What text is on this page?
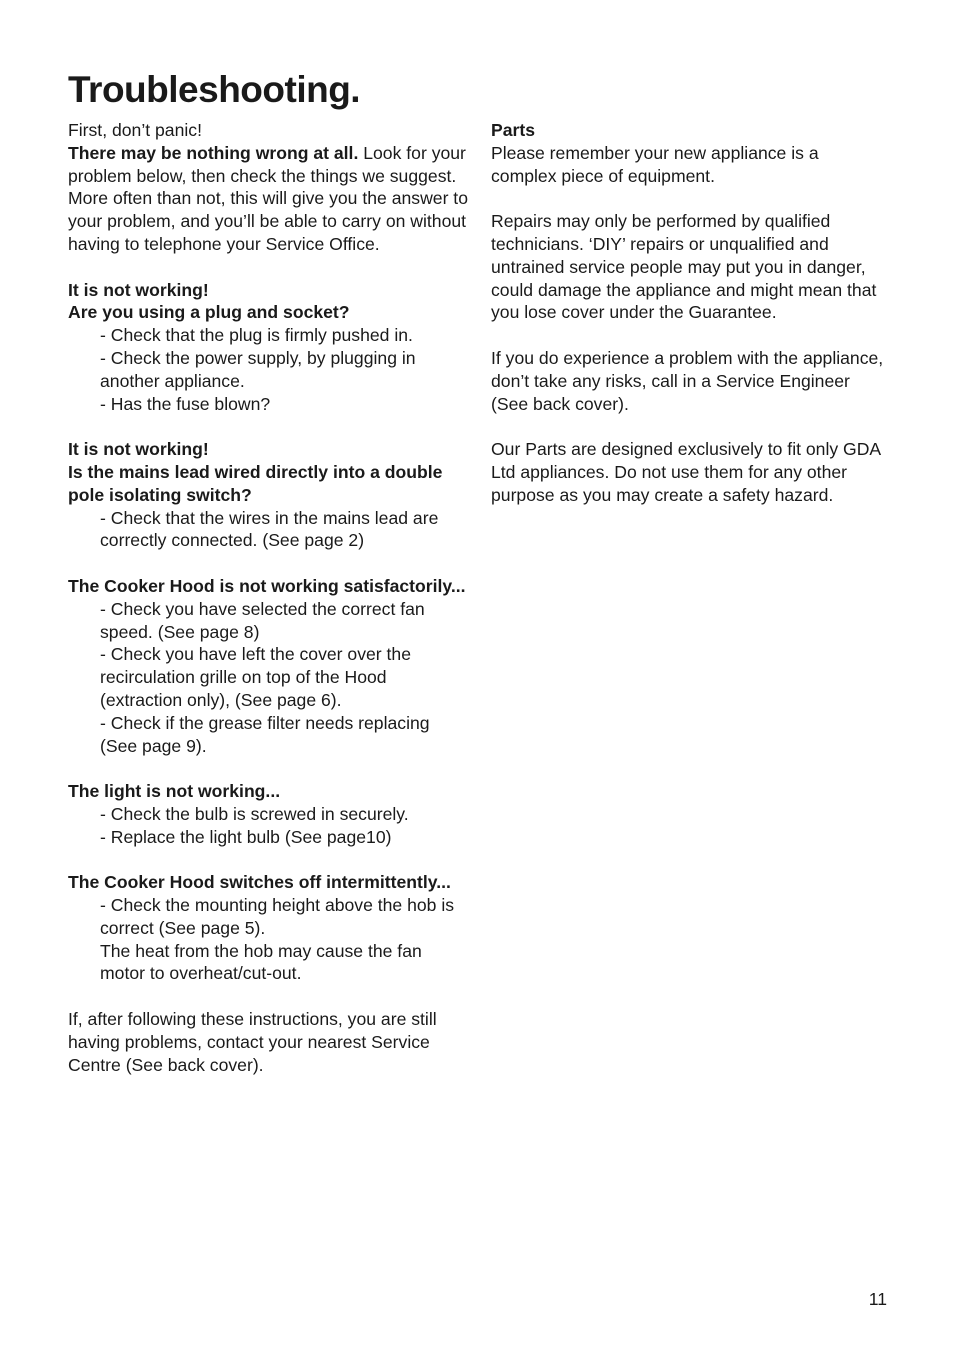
Troubleshooting.

First, don’t panic!

There may be nothing wrong at all. Look for your problem below, then check the things we suggest. More often than not, this will give you the answer to your problem, and you’ll be able to carry on without having to telephone your Service Office.

It is not working!

Are you using a plug and socket?

- Check that the plug is firmly pushed in.

- Check the power supply, by plugging in another appliance.

- Has the fuse blown?

It is not working!

Is the mains lead wired directly into a double pole isolating switch?

- Check that the wires in the mains lead are correctly connected. (See page 2)

The Cooker Hood is not working satisfactorily...

- Check you have selected the correct fan speed. (See page 8)

- Check you have left the cover over the recirculation grille on top of the Hood (extraction only), (See page 6).

- Check if the grease filter needs replacing (See page 9).

The light is not working...

- Check the bulb is screwed in securely.

- Replace the light bulb (See page10)

The Cooker Hood switches off intermittently...

- Check the mounting height above the hob is correct (See page 5).

The heat from the hob may cause the fan motor to overheat/cut-out.

If, after following these instructions, you are still having problems, contact your nearest Service Centre (See back cover).

Parts

Please remember your new appliance is a complex piece of equipment.

Repairs may only be performed by qualified technicians. ‘DIY’ repairs or unqualified and untrained service people may put you in danger, could damage the appliance and might mean that you lose cover under the Guarantee.

If you do experience a problem with the appliance, don’t take any risks, call in a Service Engineer (See back cover).

Our Parts are designed exclusively to fit only GDA Ltd appliances. Do not use them for any other purpose as you may create a safety hazard.

11
